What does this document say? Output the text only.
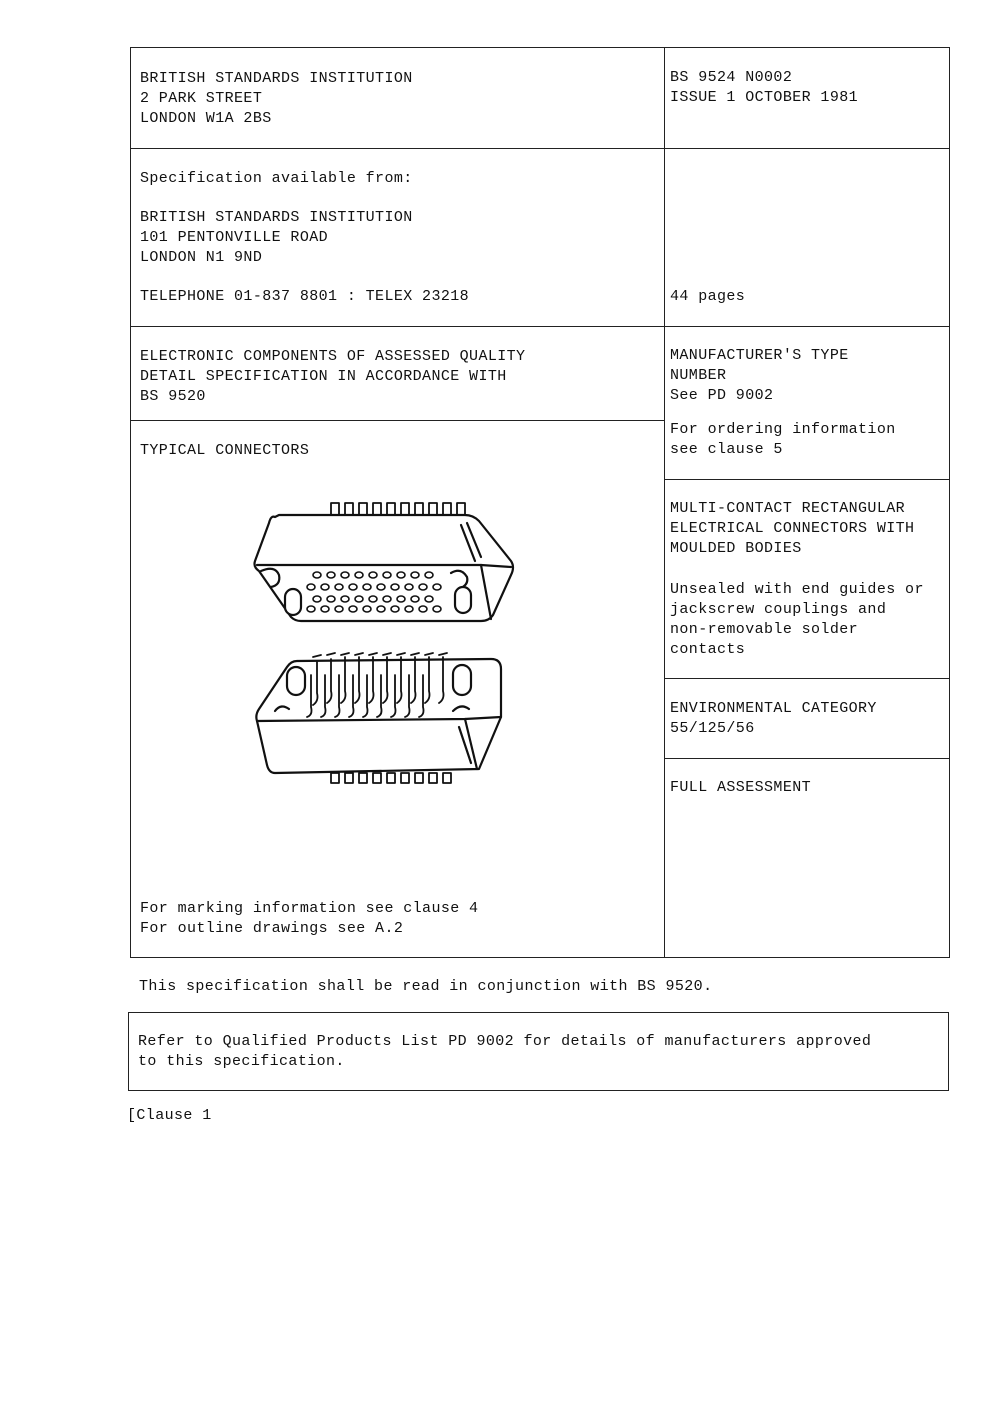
BRITISH STANDARDS INSTITUTION
2 PARK STREET
LONDON W1A 2BS
BS 9524 N0002
ISSUE 1 OCTOBER 1981
Specification available from:
BRITISH STANDARDS INSTITUTION
101 PENTONVILLE ROAD
LONDON N1 9ND
TELEPHONE 01-837 8801 : TELEX 23218	44 pages
ELECTRONIC COMPONENTS OF ASSESSED QUALITY
DETAIL SPECIFICATION IN ACCORDANCE WITH
BS 9520
MANUFACTURER'S TYPE
NUMBER
See PD 9002
For ordering information
see clause 5
TYPICAL CONNECTORS
For marking information see clause 4
For outline drawings see A.2
MULTI-CONTACT RECTANGULAR
ELECTRICAL CONNECTORS WITH
MOULDED BODIES
Unsealed with end guides or
jackscrew couplings and
non-removable solder
contacts
ENVIRONMENTAL CATEGORY
55/125/56
FULL ASSESSMENT
This specification shall be read in conjunction with BS 9520.
Refer to Qualified Products List PD 9002 for details of manufacturers approved
to this specification.
[Clause 1
